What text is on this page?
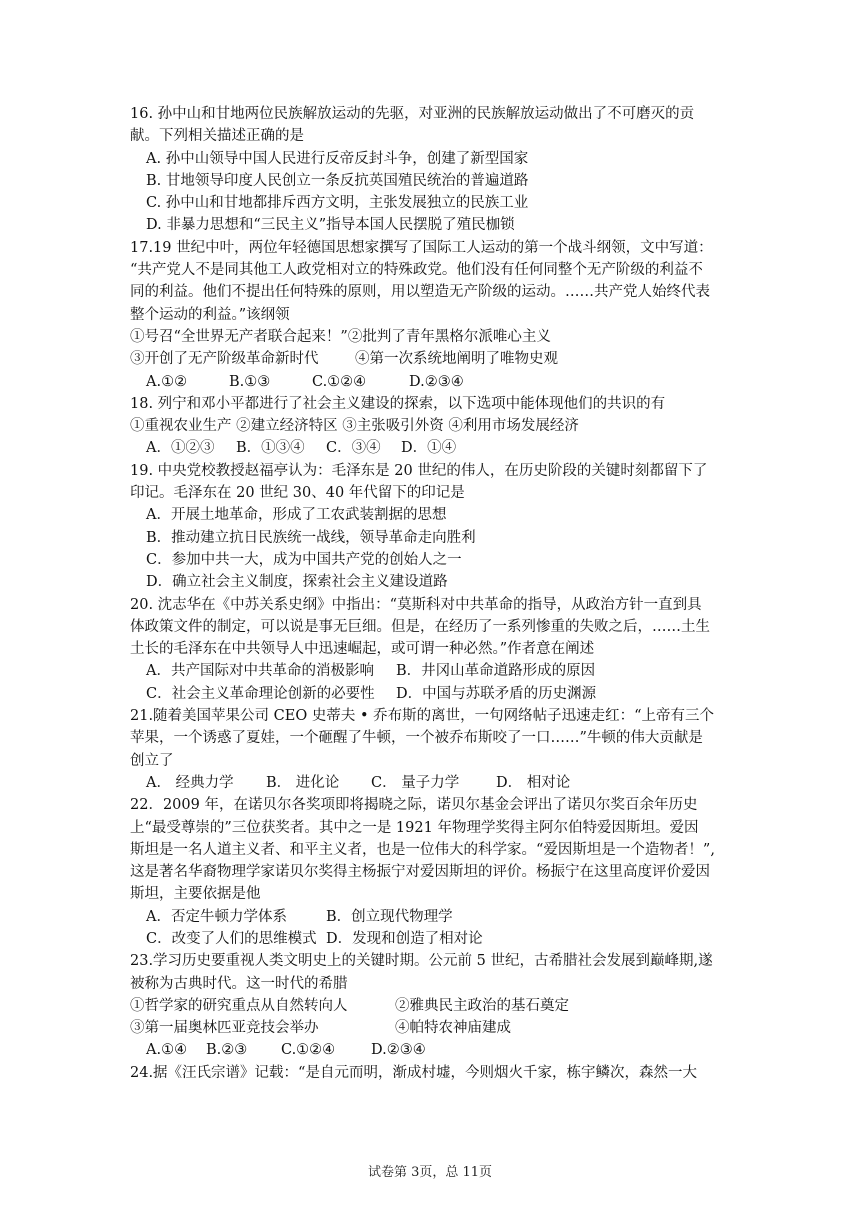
16. 孙中山和甘地两位民族解放运动的先驱，对亚洲的民族解放运动做出了不可磨灭的贡
献。下列相关描述正确的是
A. 孙中山领导中国人民进行反帝反封斗争，创建了新型国家
B. 甘地领导印度人民创立一条反抗英国殖民统治的普遍道路
C. 孙中山和甘地都排斥西方文明，主张发展独立的民族工业
D. 非暴力思想和“三民主义”指导本国人民摆脱了殖民枷锁
17.19 世纪中叶，两位年轻德国思想家撰写了国际工人运动的第一个战斗纲领，文中写道：
“共产党人不是同其他工人政党相对立的特殊政党。他们没有任何同整个无产阶级的利益不
同的利益。他们不提出任何特殊的原则，用以塑造无产阶级的运动。……共产党人始终代表
整个运动的利益。”该纲领
①号召“全世界无产者联合起来！”②批判了青年黑格尔派唯心主义
③开创了无产阶级革命新时代	④第一次系统地阐明了唯物史观
A.①②	B.①③	C.①②④	D.②③④
18. 列宁和邓小平都进行了社会主义建设的探索，以下选项中能体现他们的共识的有
①重视农业生产 ②建立经济特区 ③主张吸引外资 ④利用市场发展经济
A．①②③ B．①③④ C．③④ D．①④
19. 中央党校教授赵福亭认为：毛泽东是 20 世纪的伟人，在历史阶段的关键时刻都留下了
印记。毛泽东在 20 世纪 30、40 年代留下的印记是
A．开展土地革命，形成了工农武装割据的思想
B．推动建立抗日民族统一战线，领导革命走向胜利
C．参加中共一大，成为中国共产党的创始人之一
D．确立社会主义制度，探索社会主义建设道路
20. 沈志华在《中苏关系史纲》中指出：“莫斯科对中共革命的指导，从政治方针一直到具
体政策文件的制定，可以说是事无巨细。但是，在经历了一系列惨重的失败之后，……土生
土长的毛泽东在中共领导人中迅速崛起，或可谓一种必然。”作者意在阐述
A．共产国际对中共革命的消极影响 B．井冈山革命道路形成的原因
C．社会主义革命理论创新的必要性 D．中国与苏联矛盾的历史渊源
21.随着美国苹果公司 CEO 史蒂夫 • 乔布斯的离世，一句网络帖子迅速走红：“上帝有三个
苹果，一个诱惑了夏娃，一个砸醒了牛顿，一个被乔布斯咬了一口……”牛顿的伟大贡献是
创立了
A． 经典力学 B． 进化论 C． 量子力学	D． 相对论
22．2009 年，在诺贝尔各奖项即将揭晓之际，诺贝尔基金会评出了诺贝尔奖百余年历史
上“最受尊崇的”三位获奖者。其中之一是 1921 年物理学奖得主阿尔伯特爱因斯坦。爱因
斯坦是一名人道主义者、和平主义者，也是一位伟大的科学家。“爱因斯坦是一个造物者！”,
这是著名华裔物理学家诺贝尔奖得主杨振宁对爱因斯坦的评价。杨振宁在这里高度评价爱因
斯坦，主要依据是他
A．否定牛顿力学体系	B．创立现代物理学
C．改变了人们的思维模式 D．发现和创造了相对论
23.学习历史要重视人类文明史上的关键时期。公元前 5 世纪，古希腊社会发展到巅峰期,遂
被称为古典时代。这一时代的希腊
①哲学家的研究重点从自然转向人	②雅典民主政治的基石奠定
③第一届奥林匹亚竞技会举办	④帕特农神庙建成
A.①④ B.②③ C.①②④ D.②③④
24.据《汪氏宗谱》记载：“是自元而明，渐成村墟，今则烟火千家，栋宇鳞次，森然一大
试卷第 3页，总 11页
